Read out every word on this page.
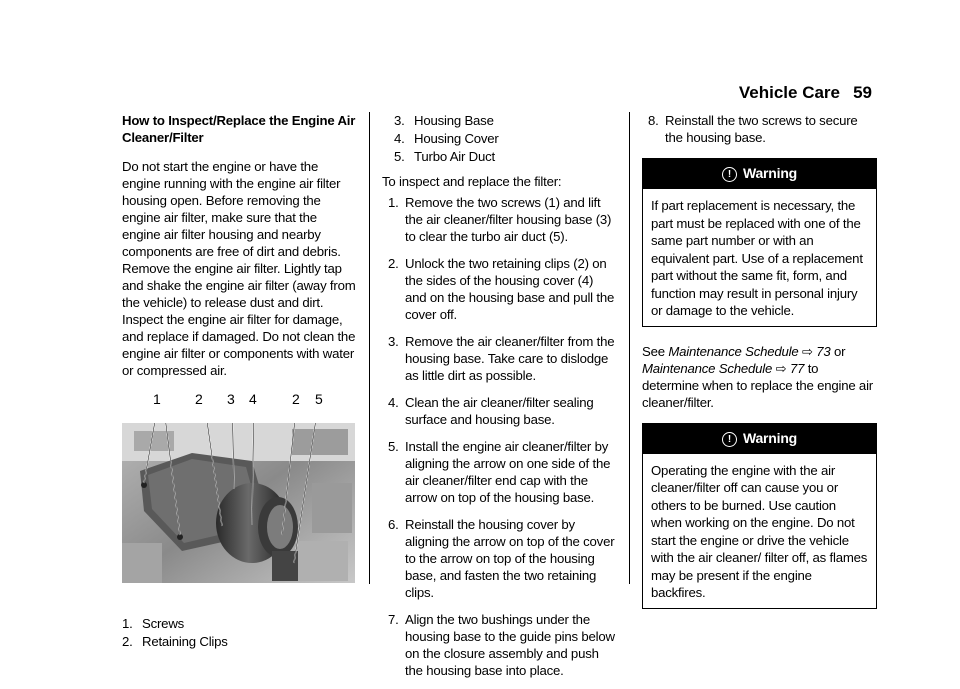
Vehicle Care 59

How to Inspect/Replace the Engine Air Cleaner/Filter

Do not start the engine or have the engine running with the engine air filter housing open. Before removing the engine air filter, make sure that the engine air filter housing and nearby components are free of dirt and debris. Remove the engine air filter. Lightly tap and shake the engine air filter (away from the vehicle) to release dust and dirt. Inspect the engine air filter for damage, and replace if damaged. Do not clean the engine air filter or components with water or compressed air.

1 2 3 4	2 5
1. Screws
2. Retaining Clips
3. Housing Base
4. Housing Cover
5. Turbo Air Duct

To inspect and replace the filter:

1. Remove the two screws (1) and lift the air cleaner/filter housing base (3) to clear the turbo air duct (5).
2. Unlock the two retaining clips (2) on the sides of the housing cover (4) and on the housing base and pull the cover off.
3. Remove the air cleaner/filter from the housing base. Take care to dislodge as little dirt as possible.
4. Clean the air cleaner/filter sealing surface and housing base.
5. Install the engine air cleaner/filter by aligning the arrow on one side of the air cleaner/filter end cap with the arrow on top of the housing base.
6. Reinstall the housing cover by aligning the arrow on top of the cover to the arrow on top of the housing base, and fasten the two retaining clips.
7. Align the two bushings under the housing base to the guide pins below on the closure assembly and push the housing base into place.
8. Reinstall the two screws to secure the housing base.
! Warning
If part replacement is necessary, the part must be replaced with one of the same part number or with an equivalent part. Use of a replacement part without the same fit, form, and function may result in personal injury or damage to the vehicle.

See Maintenance Schedule ⇨ 73 or
Maintenance Schedule ⇨ 77 to determine when to replace the engine air cleaner/filter.

! Warning
Operating the engine with the air cleaner/filter off can cause you or others to be burned. Use caution when working on the engine. Do not start the engine or drive the vehicle with the air cleaner/ filter off, as flames may be present if the engine backfires.
